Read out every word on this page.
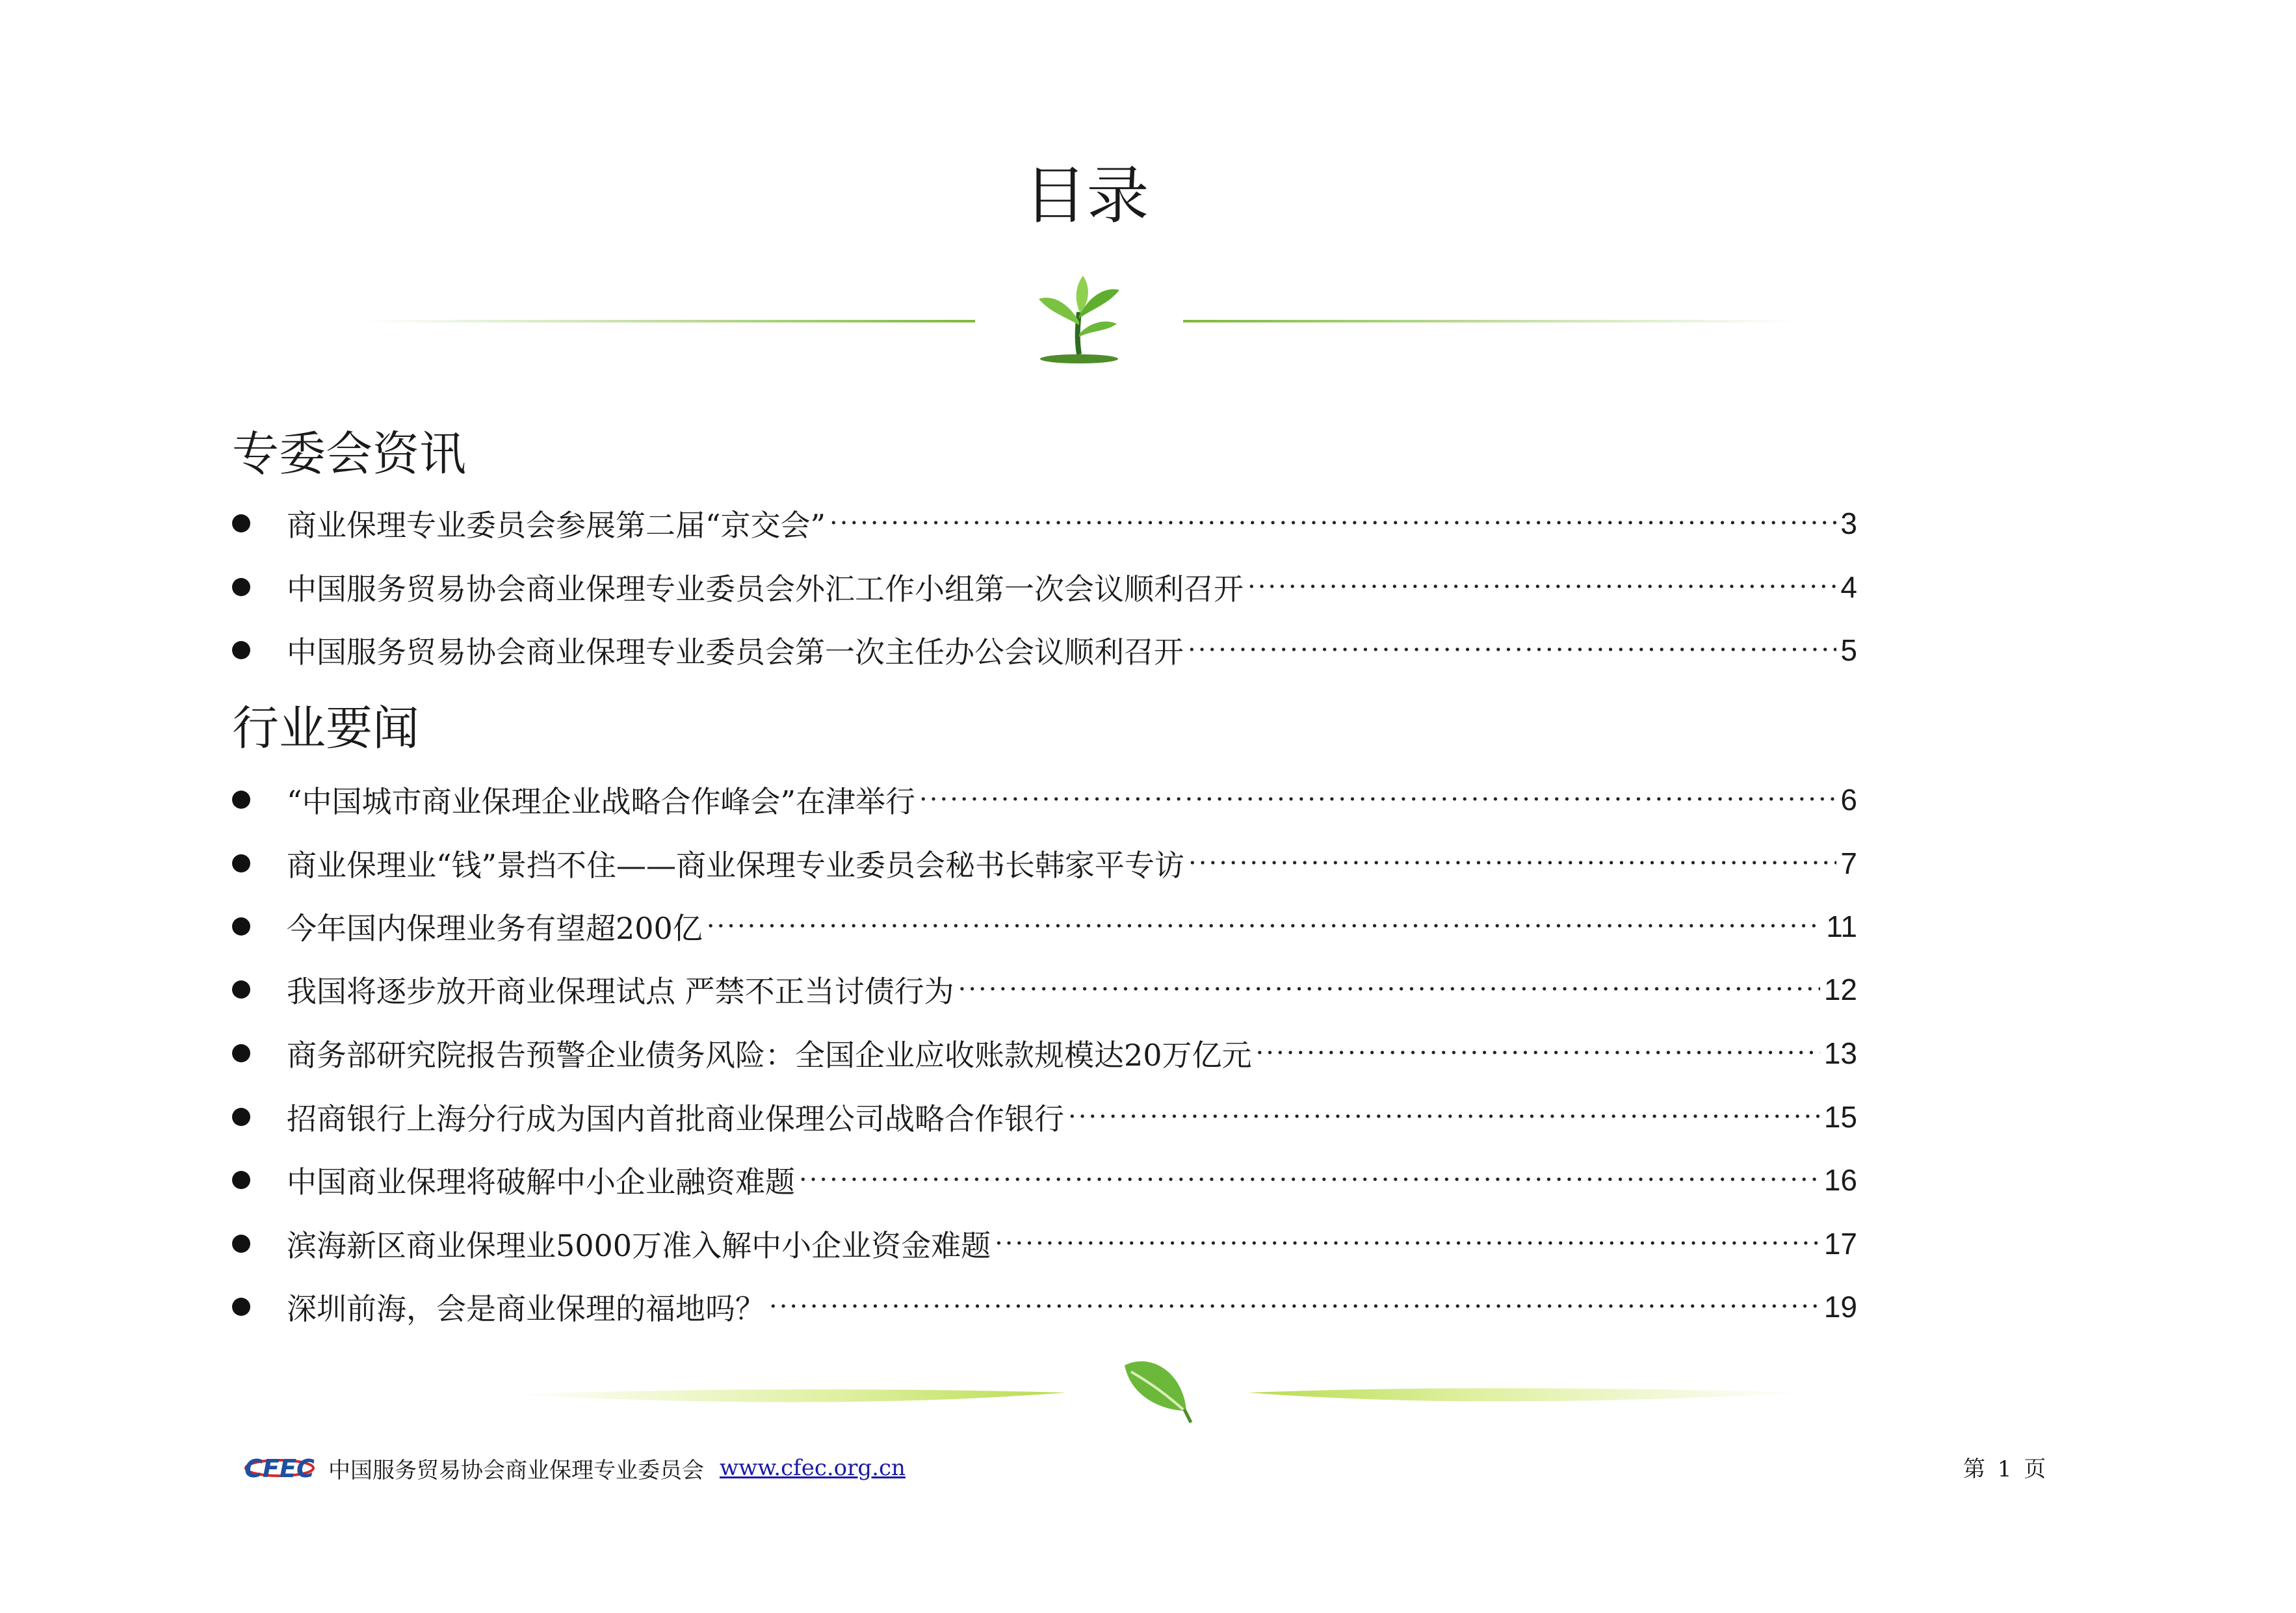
目录
专委会资讯
商业保理专业委员会参展第二届“京交会” ·····	3
中国服务贸易协会商业保理专业委员会外汇工作小组第一次会议顺利召开 ·····	4
中国服务贸易协会商业保理专业委员会第一次主任办公会议顺利召开 ·····	5
行业要闻
“中国城市商业保理企业战略合作峰会”在津举行 ·····	6
商业保理业“钱”景挡不住——商业保理专业委员会秘书长韩家平专访 ·····	7
今年国内保理业务有望超200亿 ·····	11
我国将逐步放开商业保理试点 严禁不正当讨债行为 ·····	12
商务部研究院报告预警企业债务风险：全国企业应收账款规模达20万亿元 ·····	13
招商银行上海分行成为国内首批商业保理公司战略合作银行 ·····	15
中国商业保理将破解中小企业融资难题 ·····	16
滨海新区商业保理业5000万准入解中小企业资金难题 ·····	17
深圳前海，会是商业保理的福地吗？ ·····	19
CFEC 中国服务贸易协会商业保理专业委员会 www.cfec.org.cn	第 1 页
